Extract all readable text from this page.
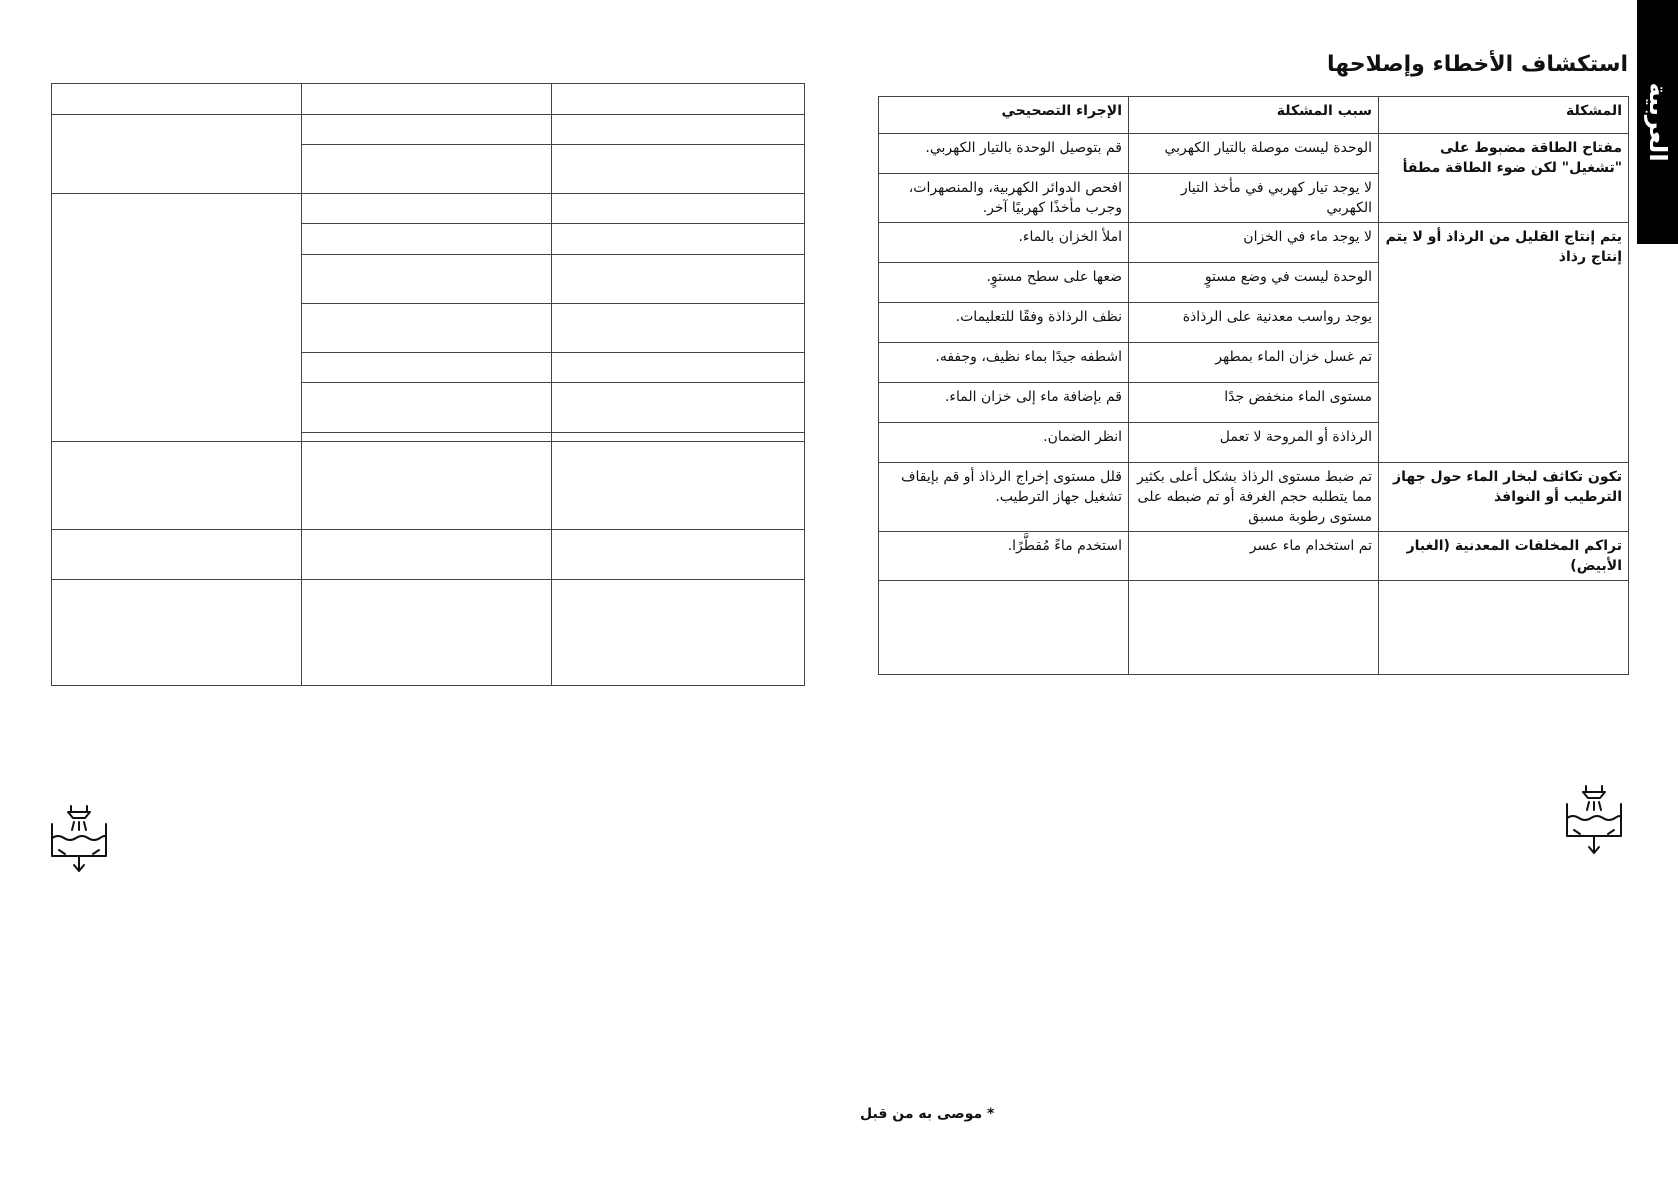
العربية
استكشاف الأخطاء وإصلاحها

المشكلة	سبب المشكلة	الإجراء التصحيحي
مفتاح الطاقة مضبوط على "تشغيل" لكن ضوء الطاقة مطفأ	الوحدة ليست موصلة بالتيار الكهربي	قم بتوصيل الوحدة بالتيار الكهربي.
	لا يوجد تيار كهربي في مأخذ التيار الكهربي	افحص الدوائر الكهربية، والمنصهرات، وجرب مأخذًا كهربيًا آخر.
يتم إنتاج القليل من الرذاذ أو لا يتم إنتاج رذاذ	لا يوجد ماء في الخزان	املأ الخزان بالماء.
	الوحدة ليست في وضع مستوٍ	ضعها على سطح مستوٍ.
	يوجد رواسب معدنية على الرذاذة	نظف الرذاذة وفقًا للتعليمات.
	تم غسل خزان الماء بمطهر	اشطفه جيدًا بماء نظيف، وجففه.
	مستوى الماء منخفض جدًا	قم بإضافة ماء إلى خزان الماء.
	الرذاذة أو المروحة لا تعمل	انظر الضمان.
تكون تكاثف لبخار الماء حول جهاز الترطيب أو النوافذ	تم ضبط مستوى الرذاذ بشكل أعلى بكثير مما يتطلبه حجم الغرفة أو تم ضبطه على مستوى رطوبة مسبق	قلل مستوى إخراج الرذاذ أو قم بإيقاف تشغيل جهاز الترطيب.
تراكم المخلفات المعدنية (الغبار الأبيض)	تم استخدام ماء عسر	استخدم ماءً مُقطَّرًا.

* موصى به من قبل
